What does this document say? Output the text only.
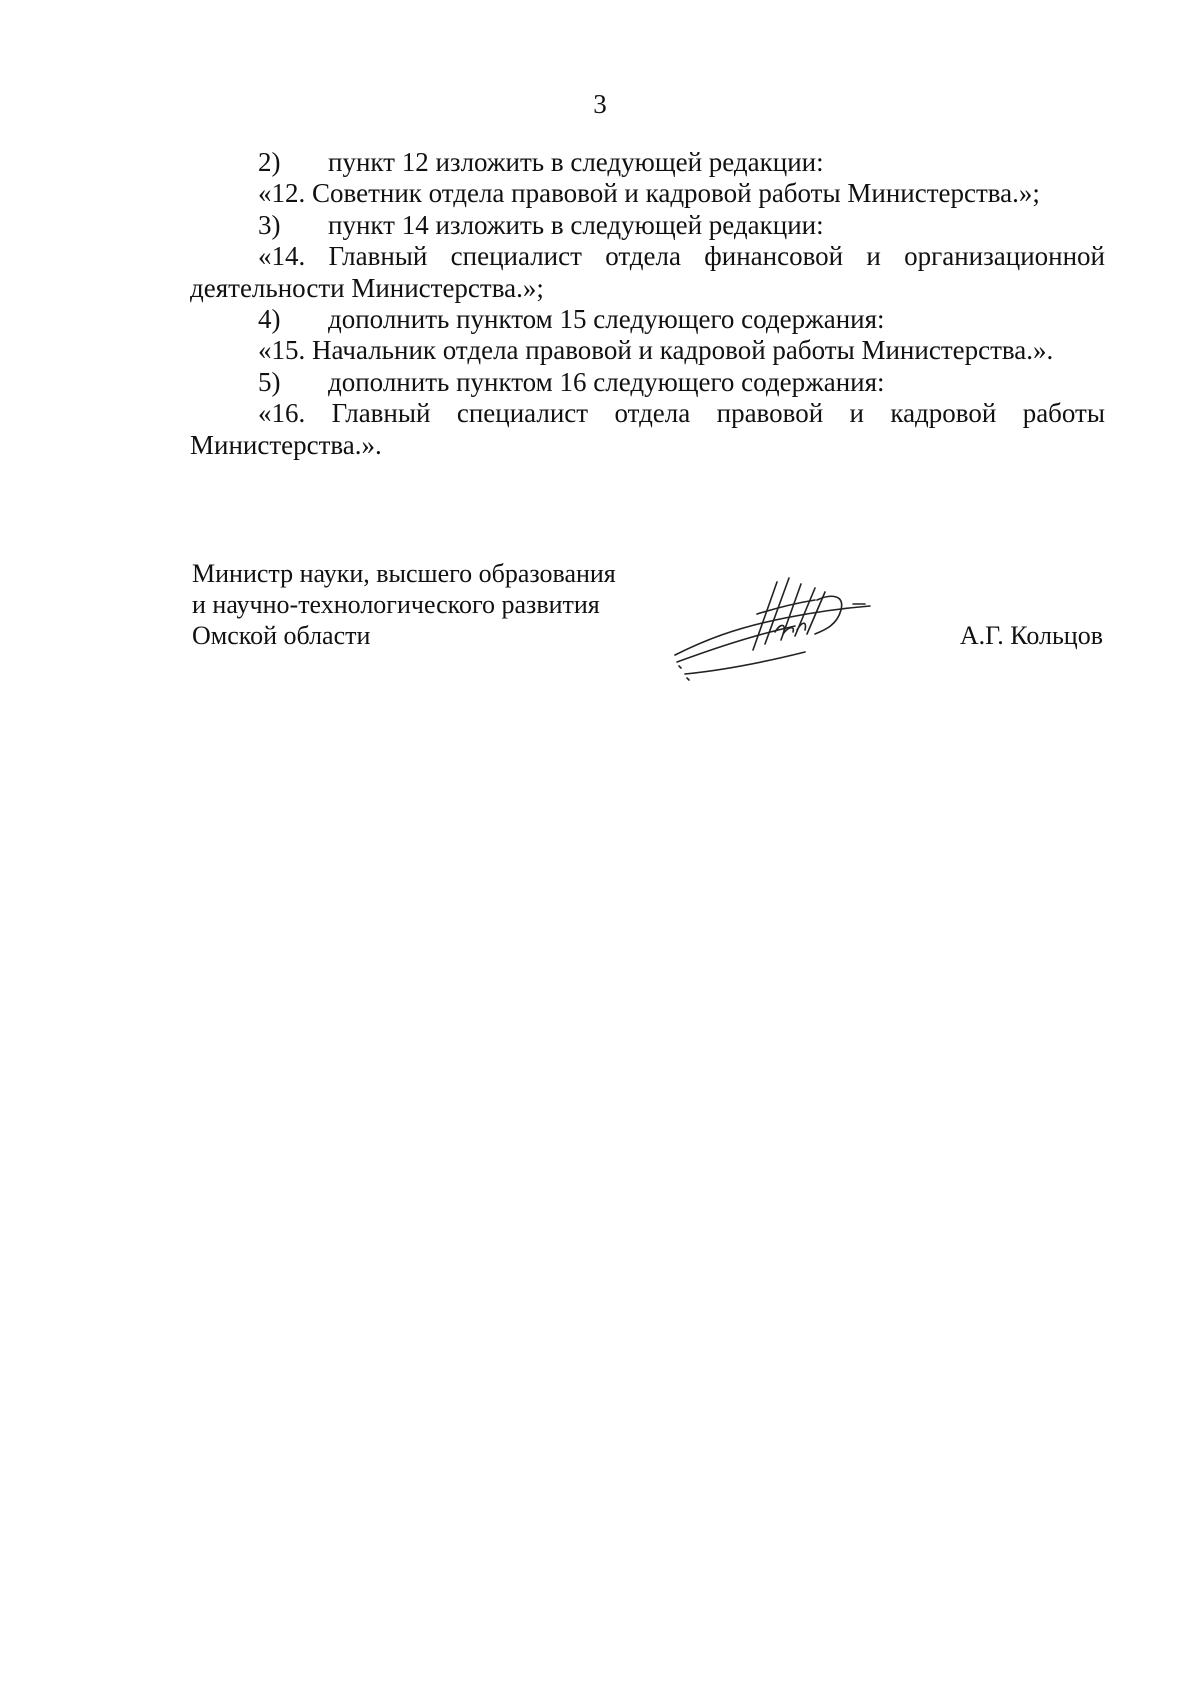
3

2) пункт 12 изложить в следующей редакции:

«12. Советник отдела правовой и кадровой работы Министерства.»;

3) пункт 14 изложить в следующей редакции:

«14. Главный специалист отдела финансовой и организационной деятельности Министерства.»;

4) дополнить пунктом 15 следующего содержания:

«15. Начальник отдела правовой и кадровой работы Министерства.».

5) дополнить пунктом 16 следующего содержания:

«16. Главный специалист отдела правовой и кадровой работы Министерства.».

Министр науки, высшего образования
и научно-технологического развития
Омской области	А.Г. Кольцов
